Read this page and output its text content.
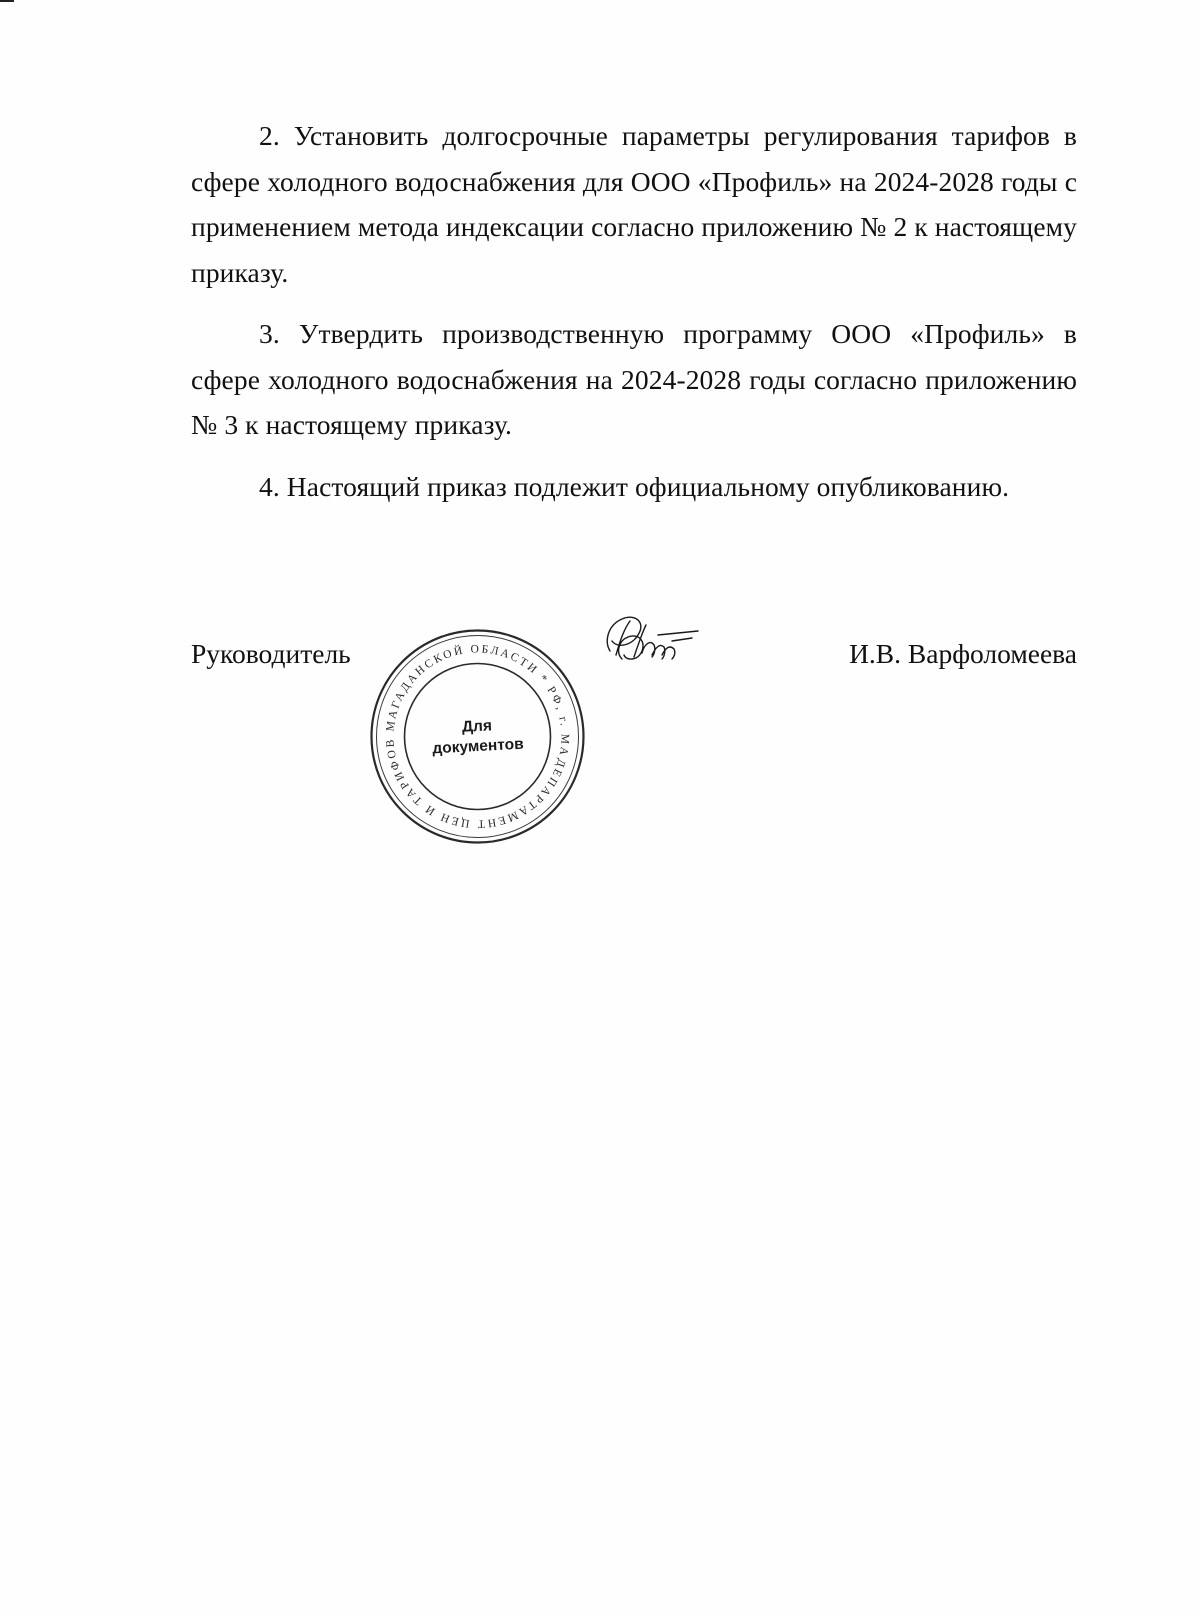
2. Установить долгосрочные параметры регулирования тарифов в сфере холодного водоснабжения для ООО «Профиль» на 2024-2028 годы с применением метода индексации согласно приложению № 2 к настоящему приказу.

3. Утвердить производственную программу ООО «Профиль» в сфере холодного водоснабжения на 2024-2028 годы согласно приложению № 3 к настоящему приказу.

4. Настоящий приказ подлежит официальному опубликованию.

Руководитель	И.В. Варфоломеева
ДЕПАРТАМЕНТ ЦЕН И ТАРИФОВ МАГАДАНСКОЙ ОБЛАСТИ * РФ, г. МАГАДАН
Для
документов
